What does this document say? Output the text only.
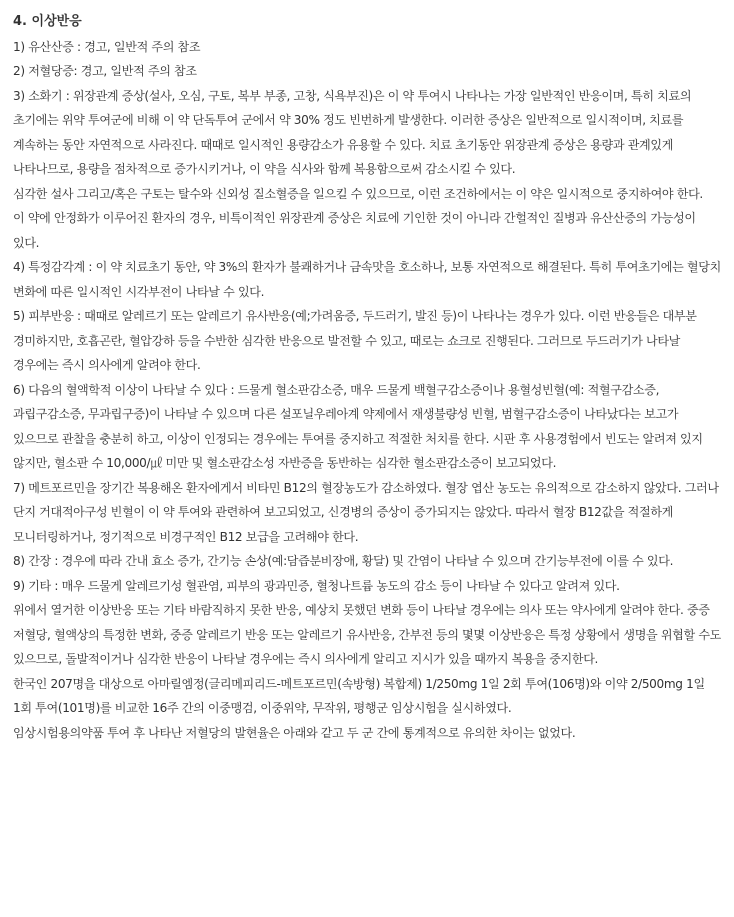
4. 이상반응

1) 유산산증 : 경고, 일반적 주의 참조

2) 저혈당증: 경고, 일반적 주의 참조

3) 소화기 : 위장관계 증상(설사, 오심, 구토, 복부 부종, 고창, 식욕부진)은 이 약 투여시 나타나는 가장 일반적인 반응이며, 특히 치료의 초기에는 위약 투여군에 비해 이 약 단독투여 군에서 약 30% 정도 빈번하게 발생한다. 이러한 증상은 일반적으로 일시적이며, 치료를 계속하는 동안 자연적으로 사라진다. 때때로 일시적인 용량감소가 유용할 수 있다. 치료 초기동안 위장관계 증상은 용량과 관계있게 나타나므로, 용량을 점차적으로 증가시키거나, 이 약을 식사와 함께 복용함으로써 감소시킬 수 있다.

심각한 설사 그리고/혹은 구토는 탈수와 신외성 질소혈증을 일으킬 수 있으므로, 이런 조건하에서는 이 약은 일시적으로 중지하여야 한다.

이 약에 안정화가 이루어진 환자의 경우, 비특이적인 위장관계 증상은 치료에 기인한 것이 아니라 간헐적인 질병과 유산산증의 가능성이 있다.

4) 특정감각계 : 이 약 치료초기 동안, 약 3%의 환자가 불쾌하거나 금속맛을 호소하나, 보통 자연적으로 해결된다. 특히 투여초기에는 혈당치 변화에 따른 일시적인 시각부전이 나타날 수 있다.

5) 피부반응 : 때때로 알레르기 또는 알레르기 유사반응(예;가려움증, 두드러기, 발진 등)이 나타나는 경우가 있다. 이런 반응들은 대부분 경미하지만, 호흡곤란, 혈압강하 등을 수반한 심각한 반응으로 발전할 수 있고, 때로는 쇼크로 진행된다. 그러므로 두드러기가 나타날 경우에는 즉시 의사에게 알려야 한다.

6) 다음의 혈액학적 이상이 나타날 수 있다 : 드물게 혈소판감소증, 매우 드물게 백혈구감소증이나 용혈성빈혈(예: 적혈구감소증, 과립구감소증, 무과립구증)이 나타날 수 있으며 다른 설포닐우레아계 약제에서 재생불량성 빈혈, 범혈구감소증이 나타났다는 보고가 있으므로 관찰을 충분히 하고, 이상이 인정되는 경우에는 투여를 중지하고 적절한 처치를 한다. 시판 후 사용경험에서 빈도는 알려져 있지 않지만, 혈소판 수 10,000/㎕ 미만 및 혈소판감소성 자반증을 동반하는 심각한 혈소판감소증이 보고되었다.

7) 메트포르민을 장기간 복용해온 환자에게서 비타민 B12의 혈장농도가 감소하였다. 혈장 엽산 농도는 유의적으로 감소하지 않았다. 그러나 단지 거대적아구성 빈혈이 이 약 투여와 관련하여 보고되었고, 신경병의 증상이 증가되지는 않았다. 따라서 혈장 B12값을 적절하게 모니터링하거나, 정기적으로 비경구적인 B12 보급을 고려해야 한다.

8) 간장 : 경우에 따라 간내 효소 증가, 간기능 손상(예:담즙분비장애, 황달) 및 간염이 나타날 수 있으며 간기능부전에 이를 수 있다.

9) 기타 : 매우 드물게 알레르기성 혈관염, 피부의 광과민증, 혈청나트륨 농도의 감소 등이 나타날 수 있다고 알려져 있다.

위에서 열거한 이상반응 또는 기타 바람직하지 못한 반응, 예상치 못했던 변화 등이 나타날 경우에는 의사 또는 약사에게 알려야 한다. 중증 저혈당, 혈액상의 특정한 변화, 중증 알레르기 반응 또는 알레르기 유사반응, 간부전 등의 몇몇 이상반응은 특정 상황에서 생명을 위협할 수도 있으므로, 돌발적이거나 심각한 반응이 나타날 경우에는 즉시 의사에게 알리고 지시가 있을 때까지 복용을 중지한다.

한국인 207명을 대상으로 아마릴엠정(글리메피리드-메트포르민(속방형) 복합제) 1/250mg 1일 2회 투여(106명)와 이약 2/500mg 1일 1회 투여(101명)를 비교한 16주 간의 이중맹검, 이중위약, 무작위, 평행군 임상시험을 실시하였다.

임상시험용의약품 투여 후 나타난 저혈당의 발현율은 아래와 같고 두 군 간에 통계적으로 유의한 차이는 없었다.
